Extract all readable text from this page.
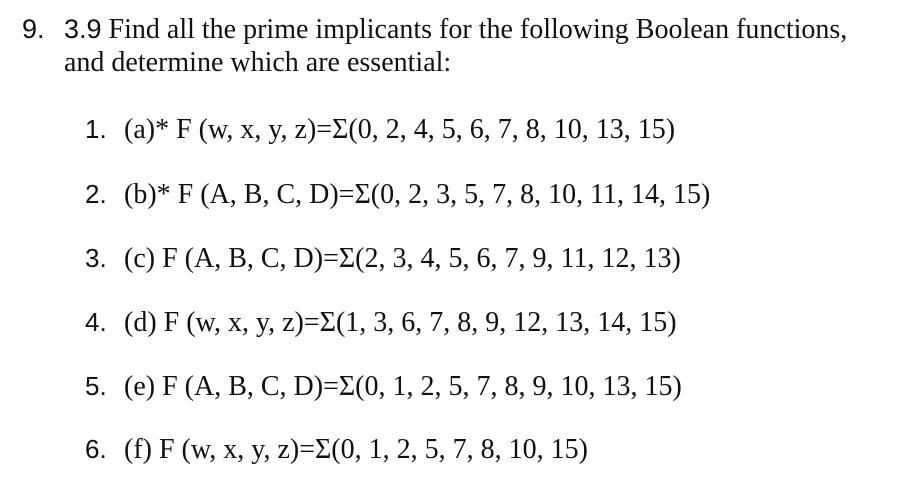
9. 3.9 Find all the prime implicants for the following Boolean functions,
and determine which are essential:
1. (a)* F (w, x, y, z)=Σ(0, 2, 4, 5, 6, 7, 8, 10, 13, 15)
2. (b)* F (A, B, C, D)=Σ(0, 2, 3, 5, 7, 8, 10, 11, 14, 15)
3. (c) F (A, B, C, D)=Σ(2, 3, 4, 5, 6, 7, 9, 11, 12, 13)
4. (d) F (w, x, y, z)=Σ(1, 3, 6, 7, 8, 9, 12, 13, 14, 15)
5. (e) F (A, B, C, D)=Σ(0, 1, 2, 5, 7, 8, 9, 10, 13, 15)
6. (f) F (w, x, y, z)=Σ(0, 1, 2, 5, 7, 8, 10, 15)
